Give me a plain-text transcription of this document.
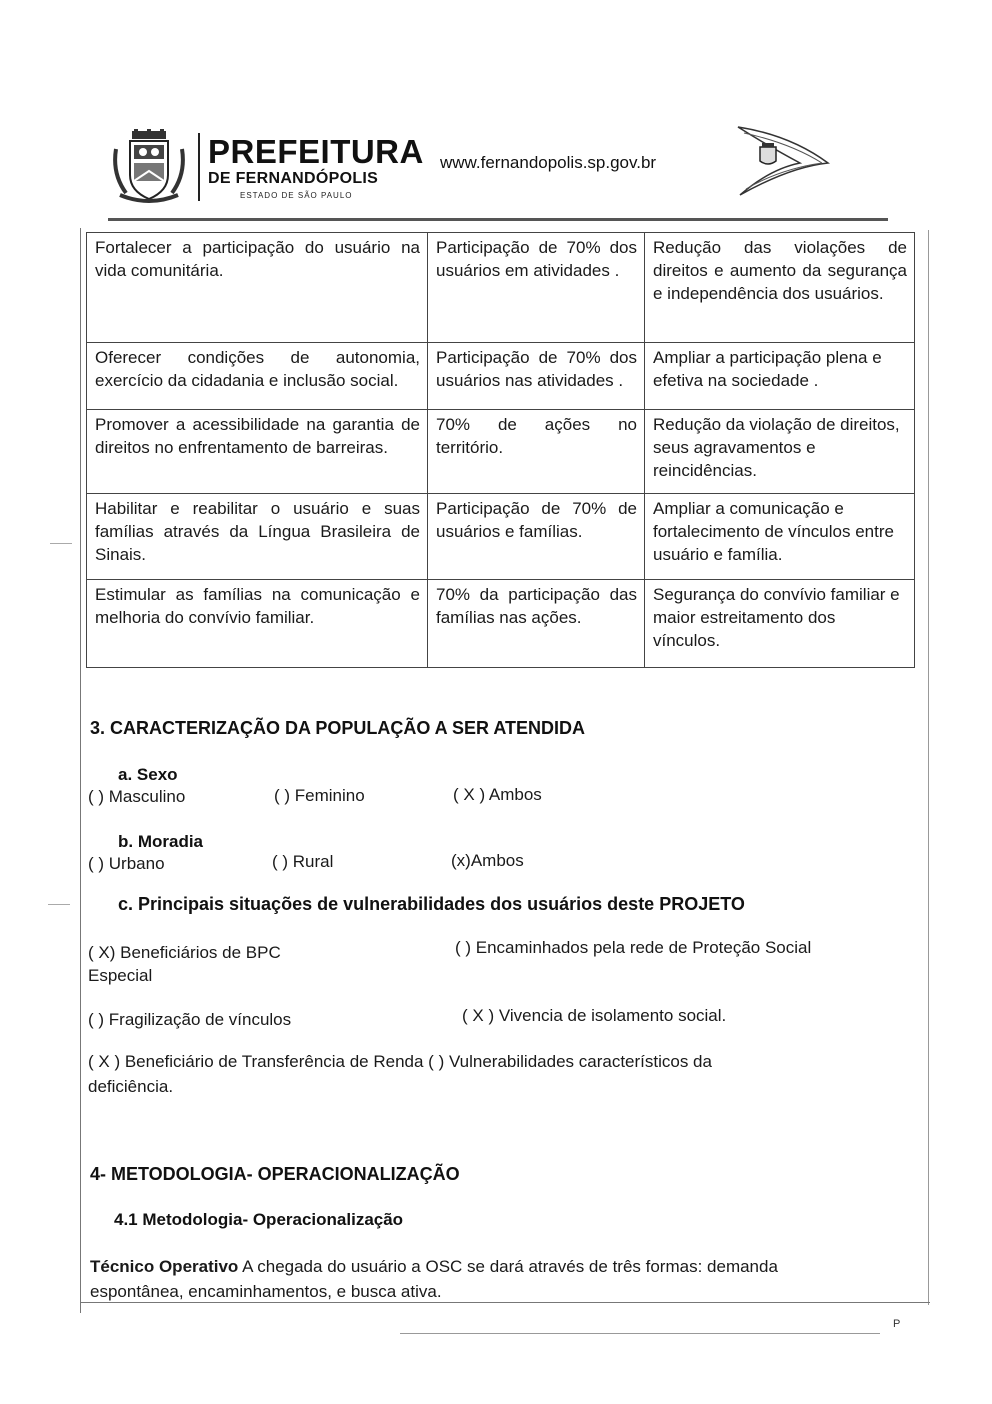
PREFEITURA
DE FERNANDÓPOLIS
ESTADO DE SÃO PAULO
www.fernandopolis.sp.gov.br
Fortalecer a participação do usuário na vida comunitária.	Participação de 70% dos usuários em atividades .	Redução das violações de direitos e aumento da segurança e independência dos usuários.
Oferecer condições de autonomia, exercício da cidadania e inclusão social.	Participação de 70% dos usuários nas atividades .	Ampliar a participação plena e efetiva na sociedade .
Promover a acessibilidade na garantia de direitos no enfrentamento de barreiras.	70% de ações no território.	Redução da violação de direitos, seus agravamentos e reincidências.
Habilitar e reabilitar o usuário e suas famílias através da Língua Brasileira de Sinais.	Participação de 70% de usuários e famílias.	Ampliar a comunicação e fortalecimento de vínculos entre usuário e família.
Estimular as famílias na comunicação e melhoria do convívio familiar.	70% da participação das famílias nas ações.	Segurança do convívio familiar e maior estreitamento dos vínculos.
3. CARACTERIZAÇÃO DA POPULAÇÃO A SER ATENDIDA
a. Sexo
( ) Masculino	( ) Feminino	( X ) Ambos
b. Moradia
( ) Urbano	( ) Rural	(x)Ambos
c. Principais situações de vulnerabilidades dos usuários deste PROJETO
( X) Beneficiários de BPC	( ) Encaminhados pela rede de Proteção Social
Especial
( ) Fragilização de vínculos	( X ) Vivencia de isolamento social.
( X ) Beneficiário de Transferência de Renda ( ) Vulnerabilidades característicos da
deficiência.
4- METODOLOGIA- OPERACIONALIZAÇÃO
4.1 Metodologia- Operacionalização
Técnico Operativo A chegada do usuário a OSC se dará através de três formas: demanda
espontânea, encaminhamentos, e busca ativa.
P
